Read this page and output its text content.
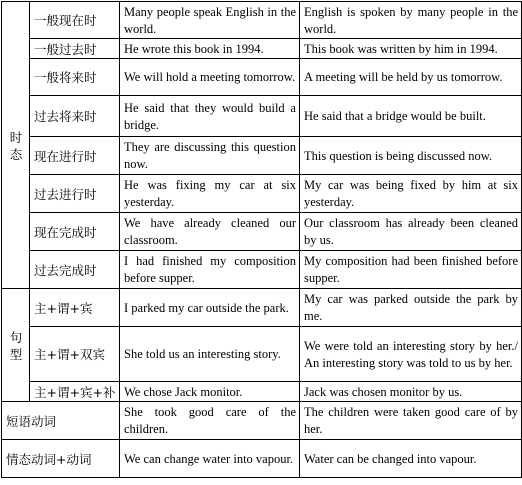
时
态	一般现在时	Many people speak English in the world.	English is spoken by many people in the world.
	一般过去时	He wrote this book in 1994.	This book was written by him in 1994.
	一般将来时	We will hold a meeting tomorrow.	A meeting will be held by us tomorrow.
	过去将来时	He said that they would build a bridge.	He said that a bridge would be built.
	现在进行时	They are discussing this question now.	This question is being discussed now.
	过去进行时	He was fixing my car at six yesterday.	My car was being fixed by him at six yesterday.
	现在完成时	We have already cleaned our classroom.	Our classroom has already been cleaned by us.
	过去完成时	I had finished my composition before supper.	My composition had been finished before supper.

句
型	主+谓+宾	I parked my car outside the park.	My car was parked outside the park by me.
	主+谓+双宾	She told us an interesting story.	We were told an interesting story by her./ An interesting story was told to us by her.
	主+谓+宾+补	We chose Jack monitor.	Jack was chosen monitor by us.
短语动词		She took good care of the children.	The children were taken good care of by her.
情态动词+动词		We can change water into vapour.	Water can be changed into vapour.
